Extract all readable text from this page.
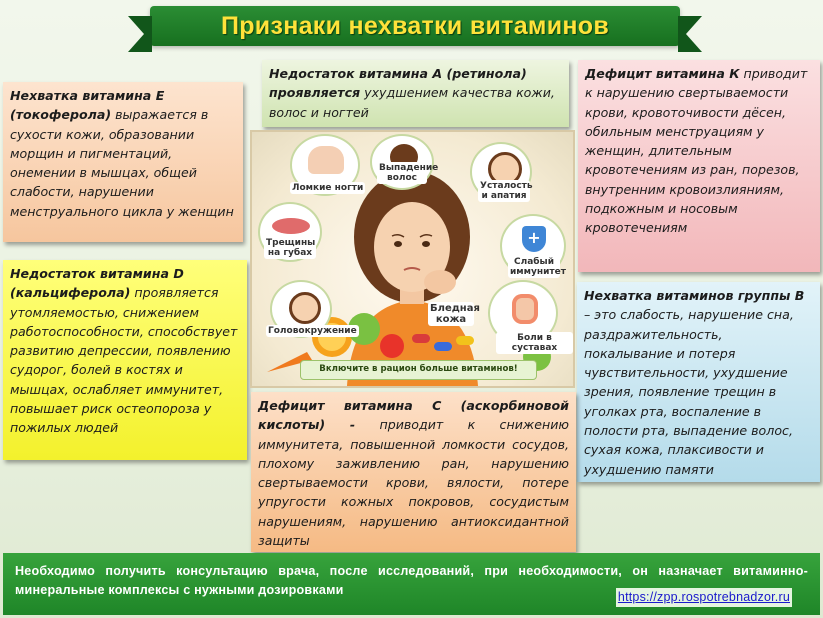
Признаки нехватки витаминов
Нехватка витамина Е (токоферола) выражается в сухости кожи, образовании морщин и пигментаций, онемении в мышцах, общей слабости, нарушении менструального цикла у женщин
Недостаток витамина А (ретинола) проявляется ухудшением качества кожи, волос и ногтей
Дефицит витамина К приводит к нарушению свертываемости крови, кровоточивости дёсен, обильным менструациям у женщин, длительным кровотечениям из ран, порезов, внутренним кровоизлияниям, подкожным и носовым кровотечениям
Недостаток витамина D (кальциферола) проявляется утомляемостью, снижением работоспособности, способствует развитию депрессии, появлению судорог, болей в костях и мышцах, ослабляет иммунитет, повышает риск остеопороза у пожилых людей
Нехватка витаминов группы В – это слабость, нарушение сна, раздражительность, покалывание и потеря чувствительности, ухудшение зрения, появление трещин в уголках рта, воспаление в полости рта, выпадение волос, сухая кожа, плаксивости и ухудшению памяти
Дефицит витамина С (аскорбиновой кислоты) - приводит к снижению иммунитета, повышенной ломкости сосудов, плохому заживлению ран, нарушению свертываемости крови, вялости, потере упругости кожных покровов, сосудистым нарушениям, нарушению антиоксидантной защиты
Ломкие ногти
Выпадение волос
Усталость и апатия
Трещины на губах
+
Слабый иммунитет
Головокружение
Бледная кожа
Боли в суставах
Включите в рацион больше витаминов!
Необходимо получить консультацию врача, после исследований, при необходимости, он назначает витаминно-минеральные комплексы с нужными дозировками	https://zpp.rospotrebnadzor.ru
